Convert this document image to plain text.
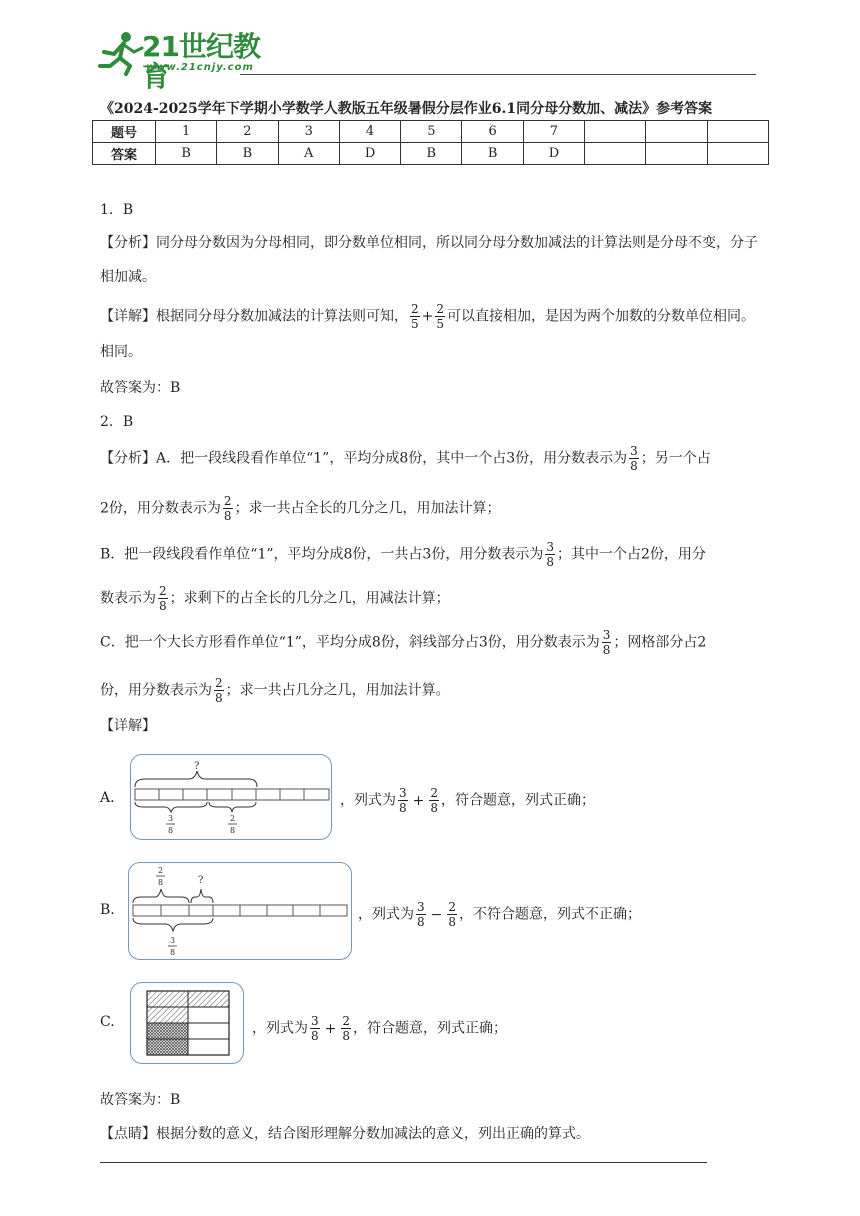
21世纪教育
www.21cnjy.com
《2024-2025学年下学期小学数学人教版五年级暑假分层作业6.1同分母分数加、减法》参考答案
题号	1	2	3	4	5	6	7			
答案	B	B	A	D	B	B	D			
1．B
【分析】同分母分数因为分母相同，即分数单位相同，所以同分母分数加减法的计算法则是分母不变，分子相加减。
【详解】根据同分母分数加减法的计算法则可知， $\frac{2}{5} + \frac{2}{5}$ 可以直接相加，是因为两个加数的分数单位相同。
相同。
故答案为：B
2．B
【分析】A．把一段线段看作单位“1”，平均分成8份，其中一个占3份，用分数表示为 $\frac{3}{8}$ ；另一个占
2份，用分数表示为 $\frac{2}{8}$ ；求一共占全长的几分之几，用加法计算；
B．把一段线段看作单位“1”，平均分成8份，一共占3份，用分数表示为 $\frac{3}{8}$ ；其中一个占2份，用分
数表示为 $\frac{2}{8}$ ；求剩下的占全长的几分之几，用减法计算；
C．把一个大长方形看作单位“1”，平均分成8份，斜线部分占3份，用分数表示为 $\frac{3}{8}$ ；网格部分占2
份，用分数表示为 $\frac{2}{8}$ ；求一共占几分之几，用加法计算。
【详解】
A.
?
3
8
2
8
，列式为 $\frac{3}{8} + \frac{2}{8}$ ，符合题意，列式正确；
B.
2
8	?
3
8
，列式为 $\frac{3}{8} - \frac{2}{8}$ ，不符合题意，列式不正确；
C.	，列式为 $\frac{3}{8} + \frac{2}{8}$ ，符合题意，列式正确；
故答案为：B
【点睛】根据分数的意义，结合图形理解分数加减法的意义，列出正确的算式。
